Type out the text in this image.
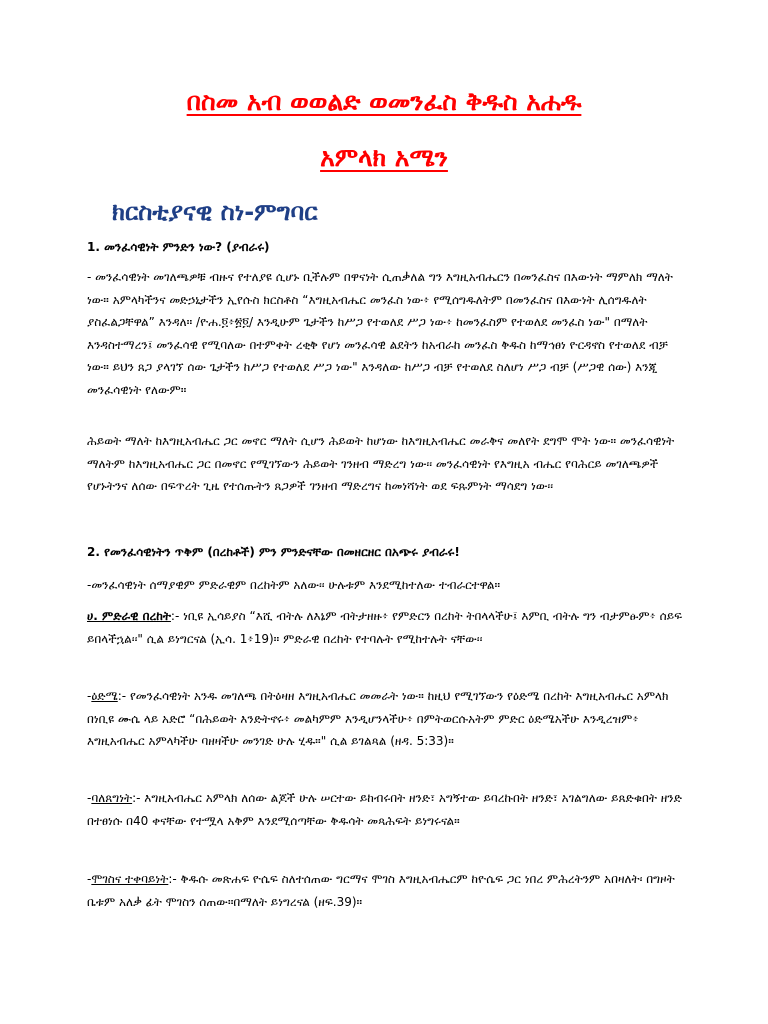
በስመ አብ ወወልድ ወመንፈስ ቅዱስ አሐዱ
አምላክ አሜን
ክርስቲያናዊ ስነ-ምግባር

1. መንፈሳዊነት ምንድን ነው? (ያብራሩ)

- መንፈሳዊነት መገለጫዎቹ ብዙና የተለያዩ ሲሆኑ ቢችሉም በዋናነት ሲጠቃለል ግን እግዚአብሔርን በመንፈስና በእውነት ማምለክ ማለት ነው። አምላካችንና መድኃኒታችን ኢየሱስ ክርስቶስ “እግዚአብሔር መንፈስ ነው፥ የሚሰግዱለትም በመንፈስና በእውነት ሊሰግዱለት ያስፈልጋቸዋል” እንዳለ። /ዮሐ.፬፥፳፬/ እንዲሁም ጌታችን ከሥጋ የተወለደ ሥጋ ነው፥ ከመንፈስም የተወለደ መንፈስ ነው" በማለት እንዳስተማረን፤ መንፈሳዊ የሚባለው በተምቀት ረቂቅ የሆነ መንፈሳዊ ልደትን ከአብራከ መንፈስ ቅዱስ ከማኅፀነ ዮርዳኖስ የተወለደ ብቻ ነው። ይህን ጸጋ ያላገኘ ሰው ጌታችን ከሥጋ የተወለደ ሥጋ ነው" እንዳለው ከሥጋ ብቻ የተወለደ ስለሆነ ሥጋ ብቻ (ሥጋዊ ሰው) እንጂ መንፈሳዊነት የለውም።

ሕይወት ማለት ከእግዚአብሔር ጋር መኖር ማለት ሲሆን ሕይወት ከሆነው ከእግዚአብሔር መራቅና መለየት ደግሞ ሞት ነው። መንፈሳዊነት ማለትም ከእግዚአብሔር ጋር በመኖር የሚገኘውን ሕይወት ገንዘብ ማድረግ ነው፡፡ መንፈሳዊነት የእግዚአ ብሔር የባሕርይ መገለጫዎች የሆኑትንና ለሰው በፍጥረት ጊዜ የተሰጡትን ጸጋዎች ገንዘብ ማድረግና ከመነሻነት ወደ ፍጹምነት ማሳደግ ነው፡፡

2. የመንፈሳዊነትን ጥቅም (በረከቶች) ምን ምንድናቸው በመዘርዘር በአጭሩ ያብራሩ!

-መንፈሳዊነት ሰማያዊም ምድራዊም በረከትም አለው፡፡ ሁሉቱም እንደሚከተለው ተብራርተዋል።

ሀ. ምድራዊ በረከት:- ነቢዩ ኢሳይያስ “እሺ ብትሉ ለእኔም ብትታዘዙ፥ የምድርን በረከት ትበላላችሁ፤ እምቢ ብትሉ ግን ብታምፁም፥ ሰይፍ ይበላችኋል፡፡" ሲል ይነግርናል (ኢሳ. 1፥19)። ምድራዊ በረከት የተባሉት የሚከተሉት ናቸው፡፡

-ዕድሜ:- የመንፈሳዊነት አንዱ መገለጫ በትዕዛዘ እግዚአብሔር መመራት ነው። ከዚህ የሚገኘውን የዕድሜ በረከት እግዚአብሔር አምላክ በነቢዩ ሙሴ ላይ አድሮ “በሕይወት እንድትኖሩ፥ መልካምም እንዲሆንላችሁ፥ በምትወርሱአትም ምድር ዕድሜአችሁ እንዲረዝም፥ እግዚአብሔር አምላካችሁ ባዘዛችሁ መንገድ ሁሉ ሂዱ።" ሲል ይገልጻል (ዘዳ. 5:33)።

-ባለጸግነት:- እግዚአብሔር አምላክ ለሰው ልጆች ሁሉ ሠርተው ይከብሩበት ዘንድ፣ አግኝተው ይባረኩበት ዘንድ፣ አገልግለው ይጸድቁበት ዘንድ በተፀነሱ በ40 ቀናቸው የተሟላ አቅም እንደሚሰጣቸው ቅዱሳት መጻሕፍት ይነግሩናል።

-ሞገስና ተቀባይነት:- ቅዱሱ መጽሐፍ ዮሴፍ ስለተሰጠው ግርማና ሞገስ እግዚአብሔርም ከዮሴፍ ጋር ነበረ ምሕረትንም አበዛለት፡ በግዞት ቤቱም አለቃ ፊት ሞገስን ሰጠው።በማለት ይነግረናል (ዘፍ.39)።
